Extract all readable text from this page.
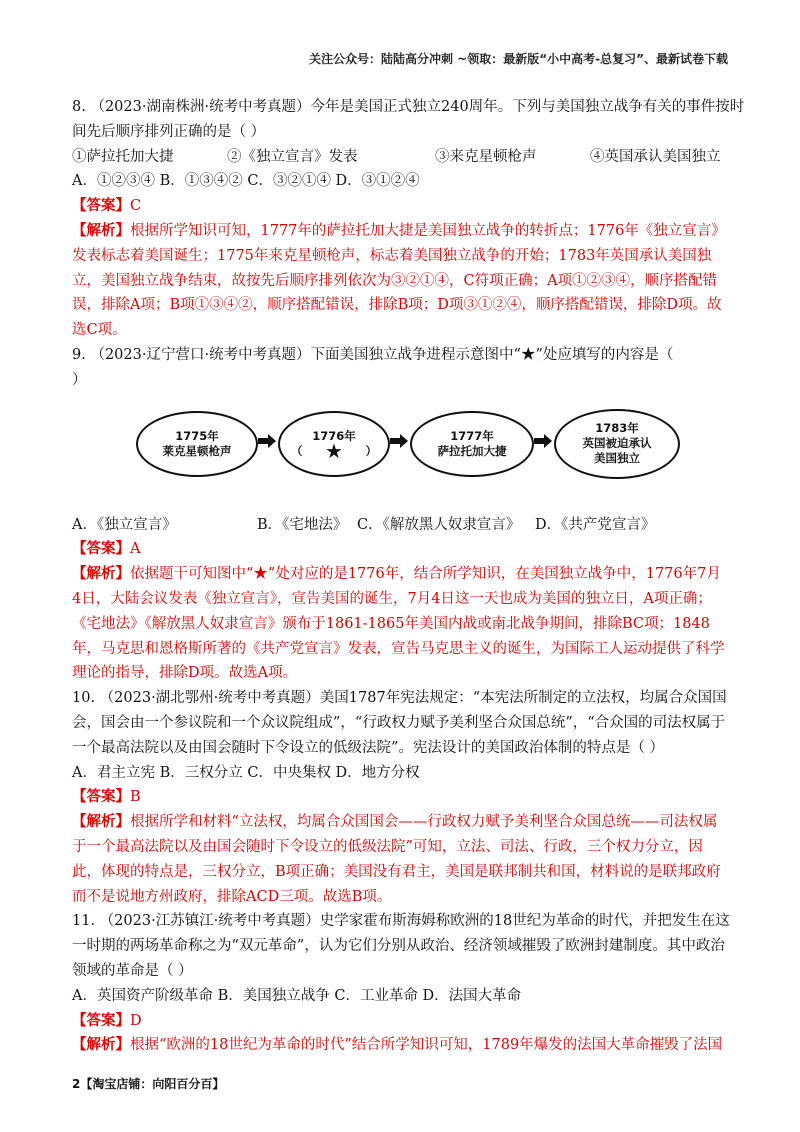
关注公众号：陆陆高分冲刺 ~领取：最新版“小中高考-总复习”、最新试卷下载
8. （2023·湖南株洲·统考中考真题）今年是美国正式独立240周年。下列与美国独立战争有关的事件按时
间先后顺序排列正确的是（ ）
①萨拉托加大捷	②《独立宣言》发表	③来克星顿枪声	④英国承认美国独立
A．①②③④ B．①③④② C．③②①④ D．③①②④
【答案】C
【解析】根据所学知识可知，1777年的萨拉托加大捷是美国独立战争的转折点；1776年《独立宣言》发表标志着美国诞生；1775年来克星顿枪声，标志着美国独立战争的开始；1783年英国承认美国独立，美国独立战争结束，故按先后顺序排列依次为③②①④，C符项正确；A项①②③④，顺序搭配错误，排除A项；B项①③④②，顺序搭配错误，排除B项；D项③①②④，顺序搭配错误，排除D项。故选C项。
9. （2023·辽宁营口·统考中考真题）下面美国独立战争进程示意图中“★”处应填写的内容是（
）
1775年
莱克星顿枪声
1776年
（ ★ ）
1777年
萨拉托加大捷
1783年
英国被迫承认
美国独立
A．《独立宣言》	B．《宅地法》 C．《解放黑人奴隶宣言》	D．《共产党宣言》
【答案】A
【解析】依据题干可知图中“★”处对应的是1776年，结合所学知识，在美国独立战争中，1776年7月4日，大陆会议发表《独立宣言》，宣告美国的诞生，7月4日这一天也成为美国的独立日，A项正确；《宅地法》《解放黑人奴隶宣言》颁布于1861-1865年美国内战或南北战争期间，排除BC项；1848年，马克思和恩格斯所著的《共产党宣言》发表，宣告马克思主义的诞生，为国际工人运动提供了科学理论的指导，排除D项。故选A项。
10. （2023·湖北鄂州·统考中考真题）美国1787年宪法规定：“本宪法所制定的立法权，均属合众国国会，国会由一个参议院和一个众议院组成”，“行政权力赋予美利坚合众国总统”，“合众国的司法权属于一个最高法院以及由国会随时下令设立的低级法院”。宪法设计的美国政治体制的特点是（ ）
A．君主立宪 B．三权分立 C．中央集权 D．地方分权
【答案】B
【解析】根据所学和材料“立法权，均属合众国国会——行政权力赋予美利坚合众国总统——司法权属于一个最高法院以及由国会随时下令设立的低级法院”可知，立法、司法、行政，三个权力分立，因此，体现的特点是，三权分立，B项正确；美国没有君主，美国是联邦制共和国，材料说的是联邦政府而不是说地方州政府，排除ACD三项。故选B项。
11. （2023·江苏镇江·统考中考真题）史学家霍布斯海姆称欧洲的18世纪为革命的时代，并把发生在这一时期的两场革命称之为“双元革命”，认为它们分别从政治、经济领域摧毁了欧洲封建制度。其中政治领域的革命是（ ）
A．英国资产阶级革命 B．美国独立战争 C．工业革命 D．法国大革命
【答案】D
【解析】根据“欧洲的18世纪为革命的时代”结合所学知识可知，1789年爆发的法国大革命摧毁了法国
2【淘宝店铺：向阳百分百】
